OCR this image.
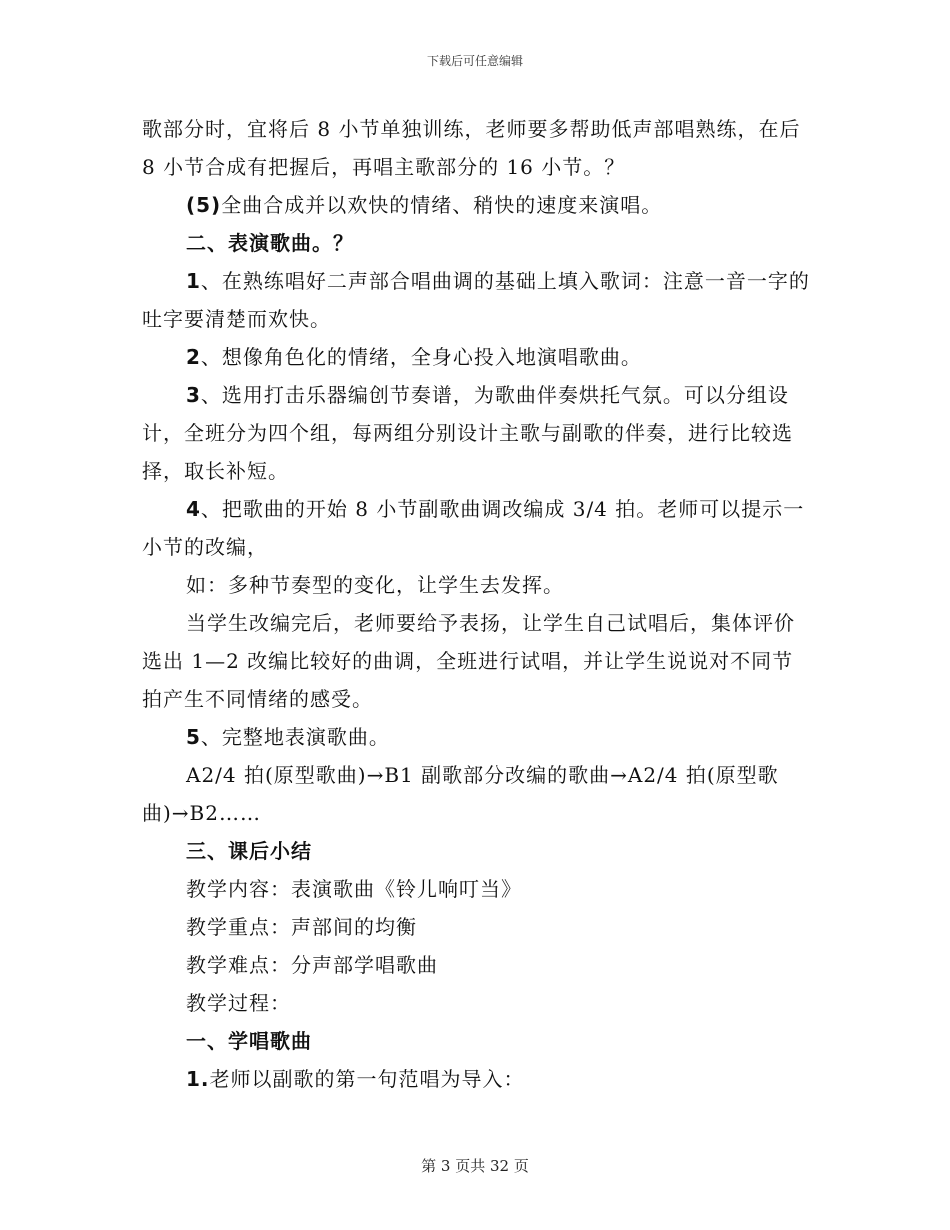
下载后可任意编辑

歌部分时，宜将后 8 小节单独训练，老师要多帮助低声部唱熟练，在后 8 小节合成有把握后，再唱主歌部分的 16 小节。？

(5)全曲合成并以欢快的情绪、稍快的速度来演唱。

二、表演歌曲。？

1、在熟练唱好二声部合唱曲调的基础上填入歌词：注意一音一字的吐字要清楚而欢快。

2、想像角色化的情绪，全身心投入地演唱歌曲。

3、选用打击乐器编创节奏谱，为歌曲伴奏烘托气氛。可以分组设计，全班分为四个组，每两组分别设计主歌与副歌的伴奏，进行比较选择，取长补短。

4、把歌曲的开始 8 小节副歌曲调改编成 3/4 拍。老师可以提示一小节的改编，

如：多种节奏型的变化，让学生去发挥。

当学生改编完后，老师要给予表扬，让学生自己试唱后，集体评价选出 1—2 改编比较好的曲调，全班进行试唱，并让学生说说对不同节拍产生不同情绪的感受。

5、完整地表演歌曲。

A2/4 拍(原型歌曲)→B1 副歌部分改编的歌曲→A2/4 拍(原型歌曲)→B2……

三、课后小结

教学内容：表演歌曲《铃儿响叮当》

教学重点：声部间的均衡

教学难点：分声部学唱歌曲

教学过程：

一、学唱歌曲

1.老师以副歌的第一句范唱为导入：

第 3 页共 32 页
